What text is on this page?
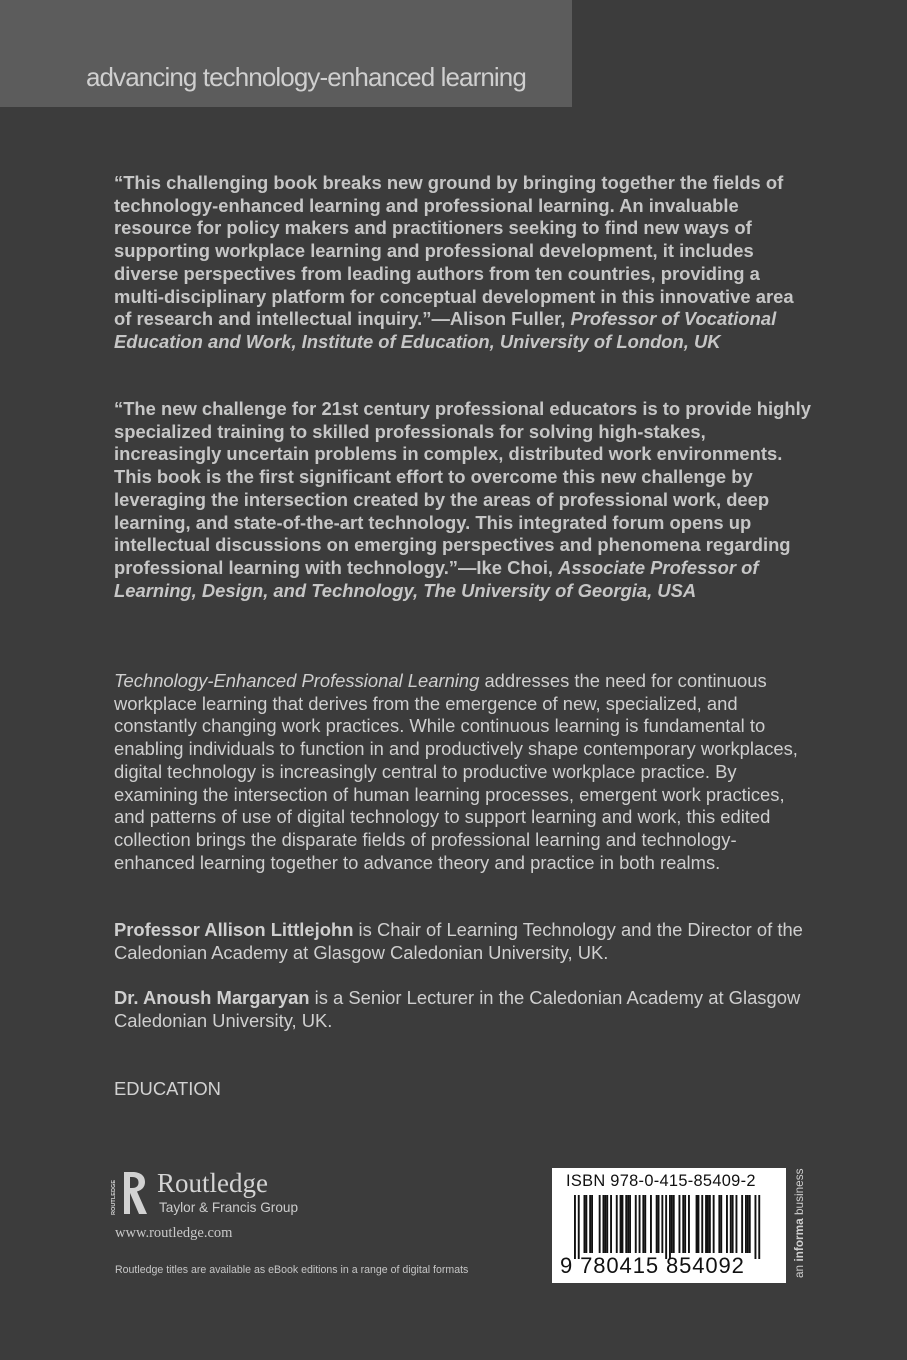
advancing technology-enhanced learning
“This challenging book breaks new ground by bringing together the fields of technology-enhanced learning and professional learning. An invaluable resource for policy makers and practitioners seeking to find new ways of supporting workplace learning and professional development, it includes diverse perspectives from leading authors from ten countries, providing a multi-disciplinary platform for conceptual development in this innovative area of research and intellectual inquiry.”—Alison Fuller, Professor of Vocational Education and Work, Institute of Education, University of London, UK
“The new challenge for 21st century professional educators is to provide highly specialized training to skilled professionals for solving high-stakes, increasingly uncertain problems in complex, distributed work environments. This book is the first significant effort to overcome this new challenge by leveraging the intersection created by the areas of professional work, deep learning, and state-of-the-art technology. This integrated forum opens up intellectual discussions on emerging perspectives and phenomena regarding professional learning with technology.”—Ike Choi, Associate Professor of Learning, Design, and Technology, The University of Georgia, USA
Technology-Enhanced Professional Learning addresses the need for continuous workplace learning that derives from the emergence of new, specialized, and constantly changing work practices. While continuous learning is fundamental to enabling individuals to function in and productively shape contemporary workplaces, digital technology is increasingly central to productive workplace practice. By examining the intersection of human learning processes, emergent work practices, and patterns of use of digital technology to support learning and work, this edited collection brings the disparate fields of professional learning and technology-enhanced learning together to advance theory and practice in both realms.
Professor Allison Littlejohn is Chair of Learning Technology and the Director of the Caledonian Academy at Glasgow Caledonian University, UK.
Dr. Anoush Margaryan is a Senior Lecturer in the Caledonian Academy at Glasgow Caledonian University, UK.
EDUCATION
ROUTLEDGE Routledge
Taylor & Francis Group
www.routledge.com
Routledge titles are available as eBook editions in a range of digital formats
ISBN 978-0-415-85409-2
9 780415 854092	an informa business
